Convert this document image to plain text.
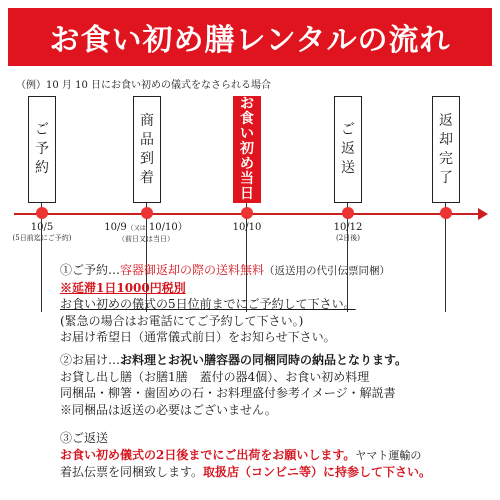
お食い初め膳レンタルの流れ
（例）10 月 10 日にお食い初めの儀式をなさられる場合
ご
予
約
商
品
到
着
お
食
い
初
め
当
日
ご
返
送
返
却
完
了
10/5
(5日前迄にご予約)
10/9（又は 10/10）
（前日又は当日）
10/10	10/12
(2日後)
①ご予約…容器御返却の際の送料無料（返送用の代引伝票同梱）
※延滞1日1000円税別
お食い初めの儀式の5日位前までにご予約して下さい。
(緊急の場合はお電話にてご予約して下さい。)
お届け希望日（通常儀式前日）をお知らせ下さい。
②お届け…お料理とお祝い膳容器の同梱同時の納品となります。
お貸し出し膳（お膳1膳　蓋付の器4個）、お食い初め料理
同梱品・柳箸・歯固めの石・お料理盛付参考イメージ・解説書
※同梱品は返送の必要はございません。
③ご返送
お食い初め儀式の2日後までにご出荷をお願いします。ヤマト運輸の
着払伝票を同梱致します。取扱店（コンビニ等）に持参して下さい。
